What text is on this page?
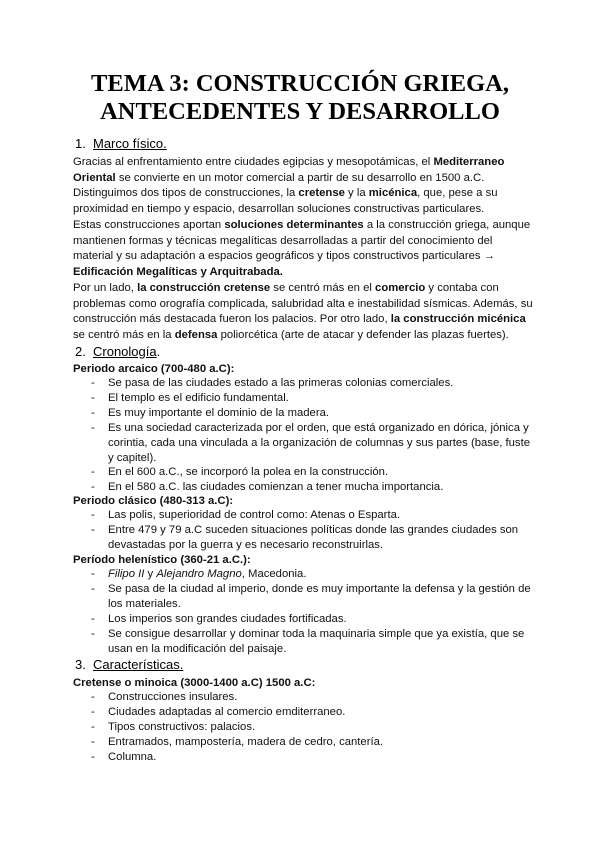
TEMA 3: CONSTRUCCIÓN GRIEGA,
ANTECEDENTES Y DESARROLLO
1. Marco físico.

Gracias al enfrentamiento entre ciudades egipcias y mesopotámicas, el Mediterraneo Oriental se convierte en un motor comercial a partir de su desarrollo en 1500 a.C.

Distinguimos dos tipos de construcciones, la cretense y la micénica, que, pese a su proximidad en tiempo y espacio, desarrollan soluciones constructivas particulares.

Estas construcciones aportan soluciones determinantes a la construcción griega, aunque mantienen formas y técnicas megalíticas desarrolladas a partir del conocimiento del material y su adaptación a espacios geográficos y tipos constructivos particulares → Edificación Megalíticas y Arquitrabada.

Por un lado, la construcción cretense se centró más en el comercio y contaba con problemas como orografía complicada, salubridad alta e inestabilidad sísmicas. Además, su construcción más destacada fueron los palacios. Por otro lado, la construcción micénica se centró más en la defensa poliorcética (arte de atacar y defender las plazas fuertes).

2. Cronología.
Periodo arcaico (700-480 a.C):
- Se pasa de las ciudades estado a las primeras colonias comerciales.
- El templo es el edificio fundamental.
- Es muy importante el dominio de la madera.
- Es una sociedad caracterizada por el orden, que está organizado en dórica, jónica y corintia, cada una vinculada a la organización de columnas y sus partes (base, fuste y capitel).
- En el 600 a.C., se incorporó la polea en la construcción.
- En el 580 a.C. las ciudades comienzan a tener mucha importancia.
Periodo clásico (480-313 a.C):
- Las polis, superioridad de control como: Atenas o Esparta.
- Entre 479 y 79 a.C suceden situaciones políticas donde las grandes ciudades son devastadas por la guerra y es necesario reconstruirlas.
Período helenístico (360-21 a.C.):
- Filipo II y Alejandro Magno, Macedonia.
- Se pasa de la ciudad al imperio, donde es muy importante la defensa y la gestión de los materiales.
- Los imperios son grandes ciudades fortificadas.
- Se consigue desarrollar y dominar toda la maquinaria simple que ya existía, que se usan en la modificación del paisaje.
3. Características.
Cretense o minoica (3000-1400 a.C) 1500 a.C:
- Construcciones insulares.
- Ciudades adaptadas al comercio emditerraneo.
- Tipos constructivos: palacios.
- Entramados, mampostería, madera de cedro, cantería.
- Columna.
